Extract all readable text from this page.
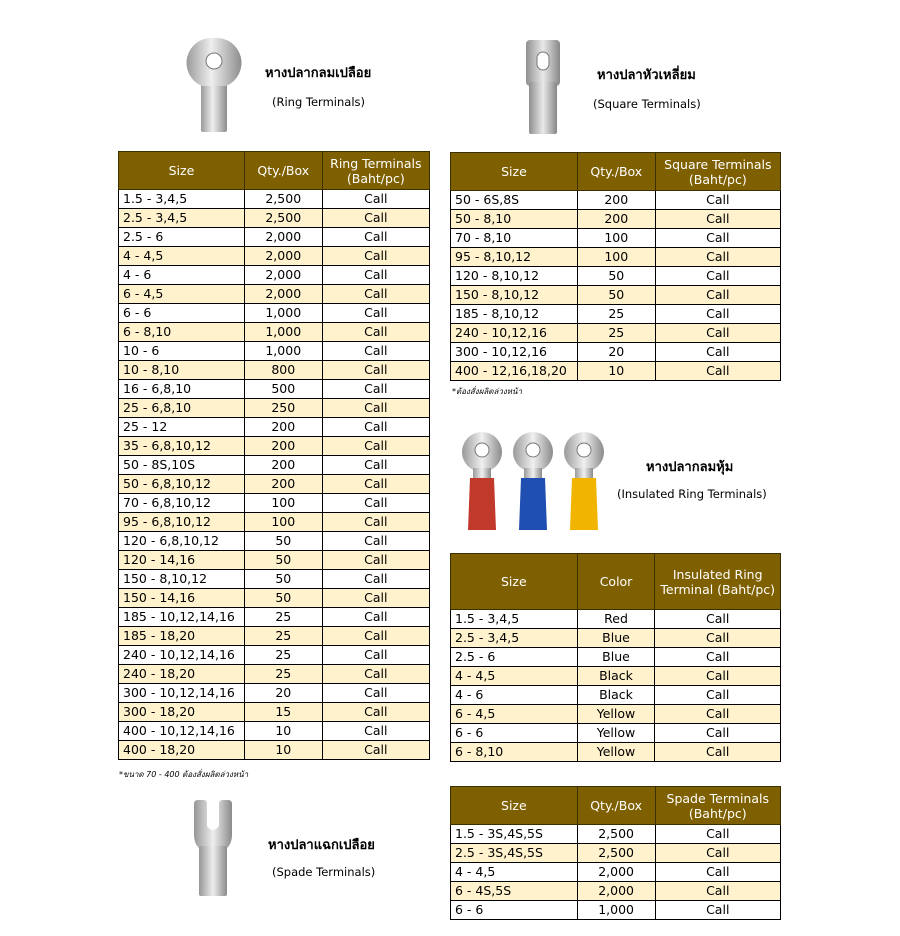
หางปลากลมเปลือย
(Ring Terminals)
Size	Qty./Box	Ring Terminals (Baht/pc)
1.5 - 3,4,5	2,500	Call
2.5 - 3,4,5	2,500	Call
2.5 - 6	2,000	Call
4 - 4,5	2,000	Call
4 - 6	2,000	Call
6 - 4,5	2,000	Call
6 - 6	1,000	Call
6 - 8,10	1,000	Call
10 - 6	1,000	Call
10 - 8,10	800	Call
16 - 6,8,10	500	Call
25 - 6,8,10	250	Call
25 - 12	200	Call
35 - 6,8,10,12	200	Call
50 - 8S,10S	200	Call
50 - 6,8,10,12	200	Call
70 - 6,8,10,12	100	Call
95 - 6,8,10,12	100	Call
120 - 6,8,10,12	50	Call
120 - 14,16	50	Call
150 - 8,10,12	50	Call
150 - 14,16	50	Call
185 - 10,12,14,16	25	Call
185 - 18,20	25	Call
240 - 10,12,14,16	25	Call
240 - 18,20	25	Call
300 - 10,12,14,16	20	Call
300 - 18,20	15	Call
400 - 10,12,14,16	10	Call
400 - 18,20	10	Call
*ขนาด 70 - 400 ต้องสั่งผลิตล่วงหน้า
หางปลาหัวเหลี่ยม
(Square Terminals)
Size	Qty./Box	Square Terminals (Baht/pc)
50 - 6S,8S	200	Call
50 - 8,10	200	Call
70 - 8,10	100	Call
95 - 8,10,12	100	Call
120 - 8,10,12	50	Call
150 - 8,10,12	50	Call
185 - 8,10,12	25	Call
240 - 10,12,16	25	Call
300 - 10,12,16	20	Call
400 - 12,16,18,20	10	Call
*ต้องสั่งผลิตล่วงหน้า
หางปลากลมหุ้ม
(Insulated Ring Terminals)
Size	Color	Insulated Ring Terminal (Baht/pc)
1.5 - 3,4,5	Red	Call
2.5 - 3,4,5	Blue	Call
2.5 - 6	Blue	Call
4 - 4,5	Black	Call
4 - 6	Black	Call
6 - 4,5	Yellow	Call
6 - 6	Yellow	Call
6 - 8,10	Yellow	Call
หางปลาแฉกเปลือย
(Spade Terminals)
Size	Qty./Box	Spade Terminals (Baht/pc)
1.5 - 3S,4S,5S	2,500	Call
2.5 - 3S,4S,5S	2,500	Call
4 - 4,5	2,000	Call
6 - 4S,5S	2,000	Call
6 - 6	1,000	Call
